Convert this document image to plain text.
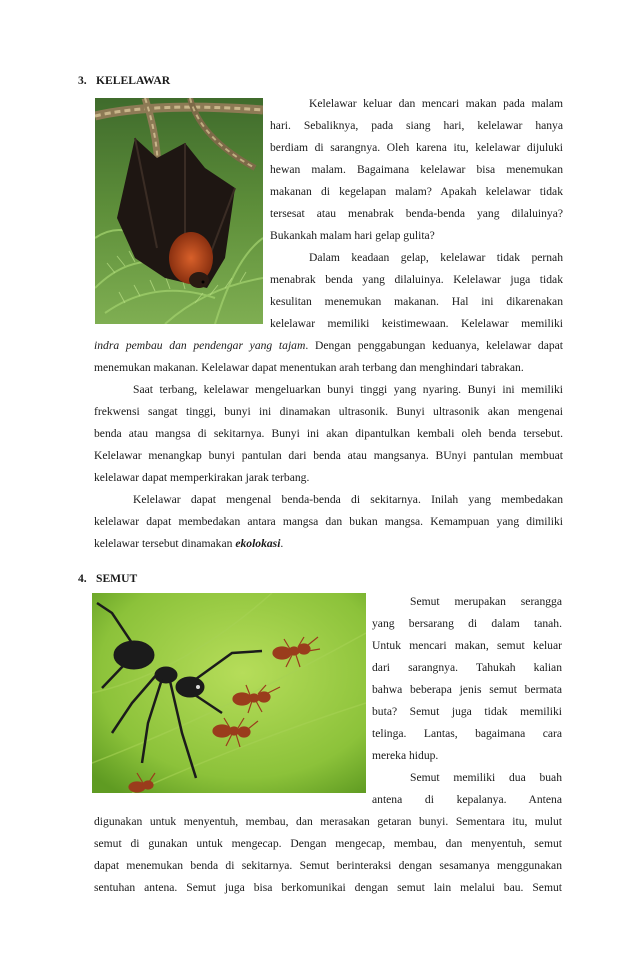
3. KELELAWAR
Kelelawar keluar dan mencari makan pada malam
hari. Sebaliknya, pada siang hari, kelelawar hanya
berdiam di sarangnya. Oleh karena itu, kelelawar dijuluki
hewan malam. Bagaimana kelelawar bisa menemukan
makanan di kegelapan malam? Apakah kelelawar tidak
tersesat atau menabrak benda-benda yang dilaluinya?
Bukankah malam hari gelap gulita?
Dalam keadaan gelap, kelelawar tidak pernah
menabrak benda yang dilaluinya. Kelelawar juga tidak
kesulitan menemukan makanan. Hal ini dikarenakan
kelelawar memiliki keistimewaan. Kelelawar memiliki
indra pembau dan pendengar yang tajam. Dengan penggabungan keduanya, kelelawar dapat
menemukan makanan. Kelelawar dapat menentukan arah terbang dan menghindari tabrakan.
Saat terbang, kelelawar mengeluarkan bunyi tinggi yang nyaring. Bunyi ini memiliki
frekwensi sangat tinggi, bunyi ini dinamakan ultrasonik. Bunyi ultrasonik akan mengenai
benda atau mangsa di sekitarnya. Bunyi ini akan dipantulkan kembali oleh benda tersebut.
Kelelawar menangkap bunyi pantulan dari benda atau mangsanya. BUnyi pantulan membuat
kelelawar dapat memperkirakan jarak terbang.
Kelelawar dapat mengenal benda-benda di sekitarnya. Inilah yang membedakan
kelelawar dapat membedakan antara mangsa dan bukan mangsa. Kemampuan yang dimiliki
kelelawar tersebut dinamakan ekolokasi.
4. SEMUT
Semut merupakan serangga
yang bersarang di dalam tanah.
Untuk mencari makan, semut keluar
dari sarangnya. Tahukah kalian
bahwa beberapa jenis semut bermata
buta? Semut juga tidak memiliki
telinga. Lantas, bagaimana cara
mereka hidup.
Semut memiliki dua buah
antena di kepalanya. Antena
digunakan untuk menyentuh, membau, dan merasakan getaran bunyi. Sementara itu, mulut
semut di gunakan untuk mengecap. Dengan mengecap, membau, dan menyentuh, semut
dapat menemukan benda di sekitarnya. Semut berinteraksi dengan sesamanya menggunakan
sentuhan antena. Semut juga bisa berkomunikai dengan semut lain melalui bau. Semut
